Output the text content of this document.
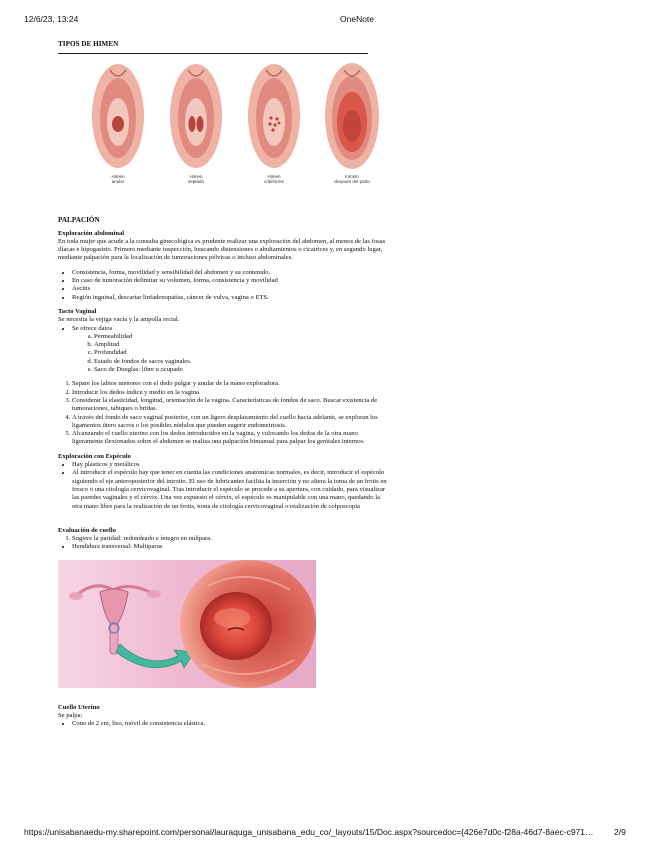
12/6/23, 13:24	OneNote
TIPOS DE HIMEN
Himen
anular
Himen
septado
Himen
cribiforme
Introito
después del parto
PALPACIÓN

Exploración abdominal

En toda mujer que acude a la consulta ginecológica es prudente realizar una exploración del abdomen, al menos de las fosas ilíacas e hipogastrio. Primero mediante inspección, buscando distensiones o abultamientos o cicatrices y, en segundo lugar, mediante palpación para la localización de tumoraciones pélvicas o incluso abdominales.

• Consistencia, forma, movilidad y sensibilidad del abdomen y su contenido.
• En caso de tumoración delimitar su volumen, forma, consistencia y movilidad
• Ascitis
• Región inguinal, descartar linfadenopatías, cáncer de vulva, vagina o ETS.

Tacto Vaginal

Se necesita la vejiga vacía y la ampolla rectal.

• Se ofrece datos
a. Permeabilidad
b. Amplitud
c. Profundidad
d. Estado de fondos de sacos vaginales.
e. Saco de Douglas: libre u ocupado
1. Separe los labios menores con el dedo pulgar y anular de la mano exploradora.
2. Introducir los dedos índice y medio en la vagina
3. Considerar la elasticidad, longitud, orientación de la vagina. Características de fondos de saco. Buscar existencia de tumoraciones, tabiques o bridas.
4. A través del fondo de saco vaginal posterior, con un ligero desplazamiento del cuello hacia adelante, se exploran los ligamentos útero sacros o los posibles nódulos que pueden sugerir endometriosis.
5. Alcanzando el cuello uterino con los dedos introducidos en la vagina, y colocando los dedos de la otra mano ligeramente flexionados sobre el abdomen se realiza una palpación bimanual para palpar los genitales internos.

Exploración con Espéculo

• Hay plásticos y metálicos
• Al introducir el espéculo hay que tener en cuenta las condiciones anatómicas normales, es decir, introducir el espéculo siguiendo el eje anteroposterior del introito. El uso de lubricantes facilita la inserción y no altera la toma de un frotis en fresco o una citología cervicovaginal. Tras introducir el espéculo se procede a su apertura, con cuidado, para visualizar las paredes vaginales y el cérvix. Una vez expuesto el cérvix, el espéculo es manipulable con una mano, quedando la otra mano libre para la realización de un frotis, toma de citología cervicovaginal o realización de colposcopia

Evaluación de cuello

1. Sugiere la paridad: redondeado e íntegro en nulípara.
• Hendidura transversal: Multiparus

Cuello Uterino

Se palpa:

• Cono de 2 cm, liso, móvil de consistencia elástica.
https://unisabanaedu-my.sharepoint.com/personal/lauraquga_unisabana_edu_co/_layouts/15/Doc.aspx?sourcedoc={426e7d0c-f28a-46d7-8aec-c971… 2/9
